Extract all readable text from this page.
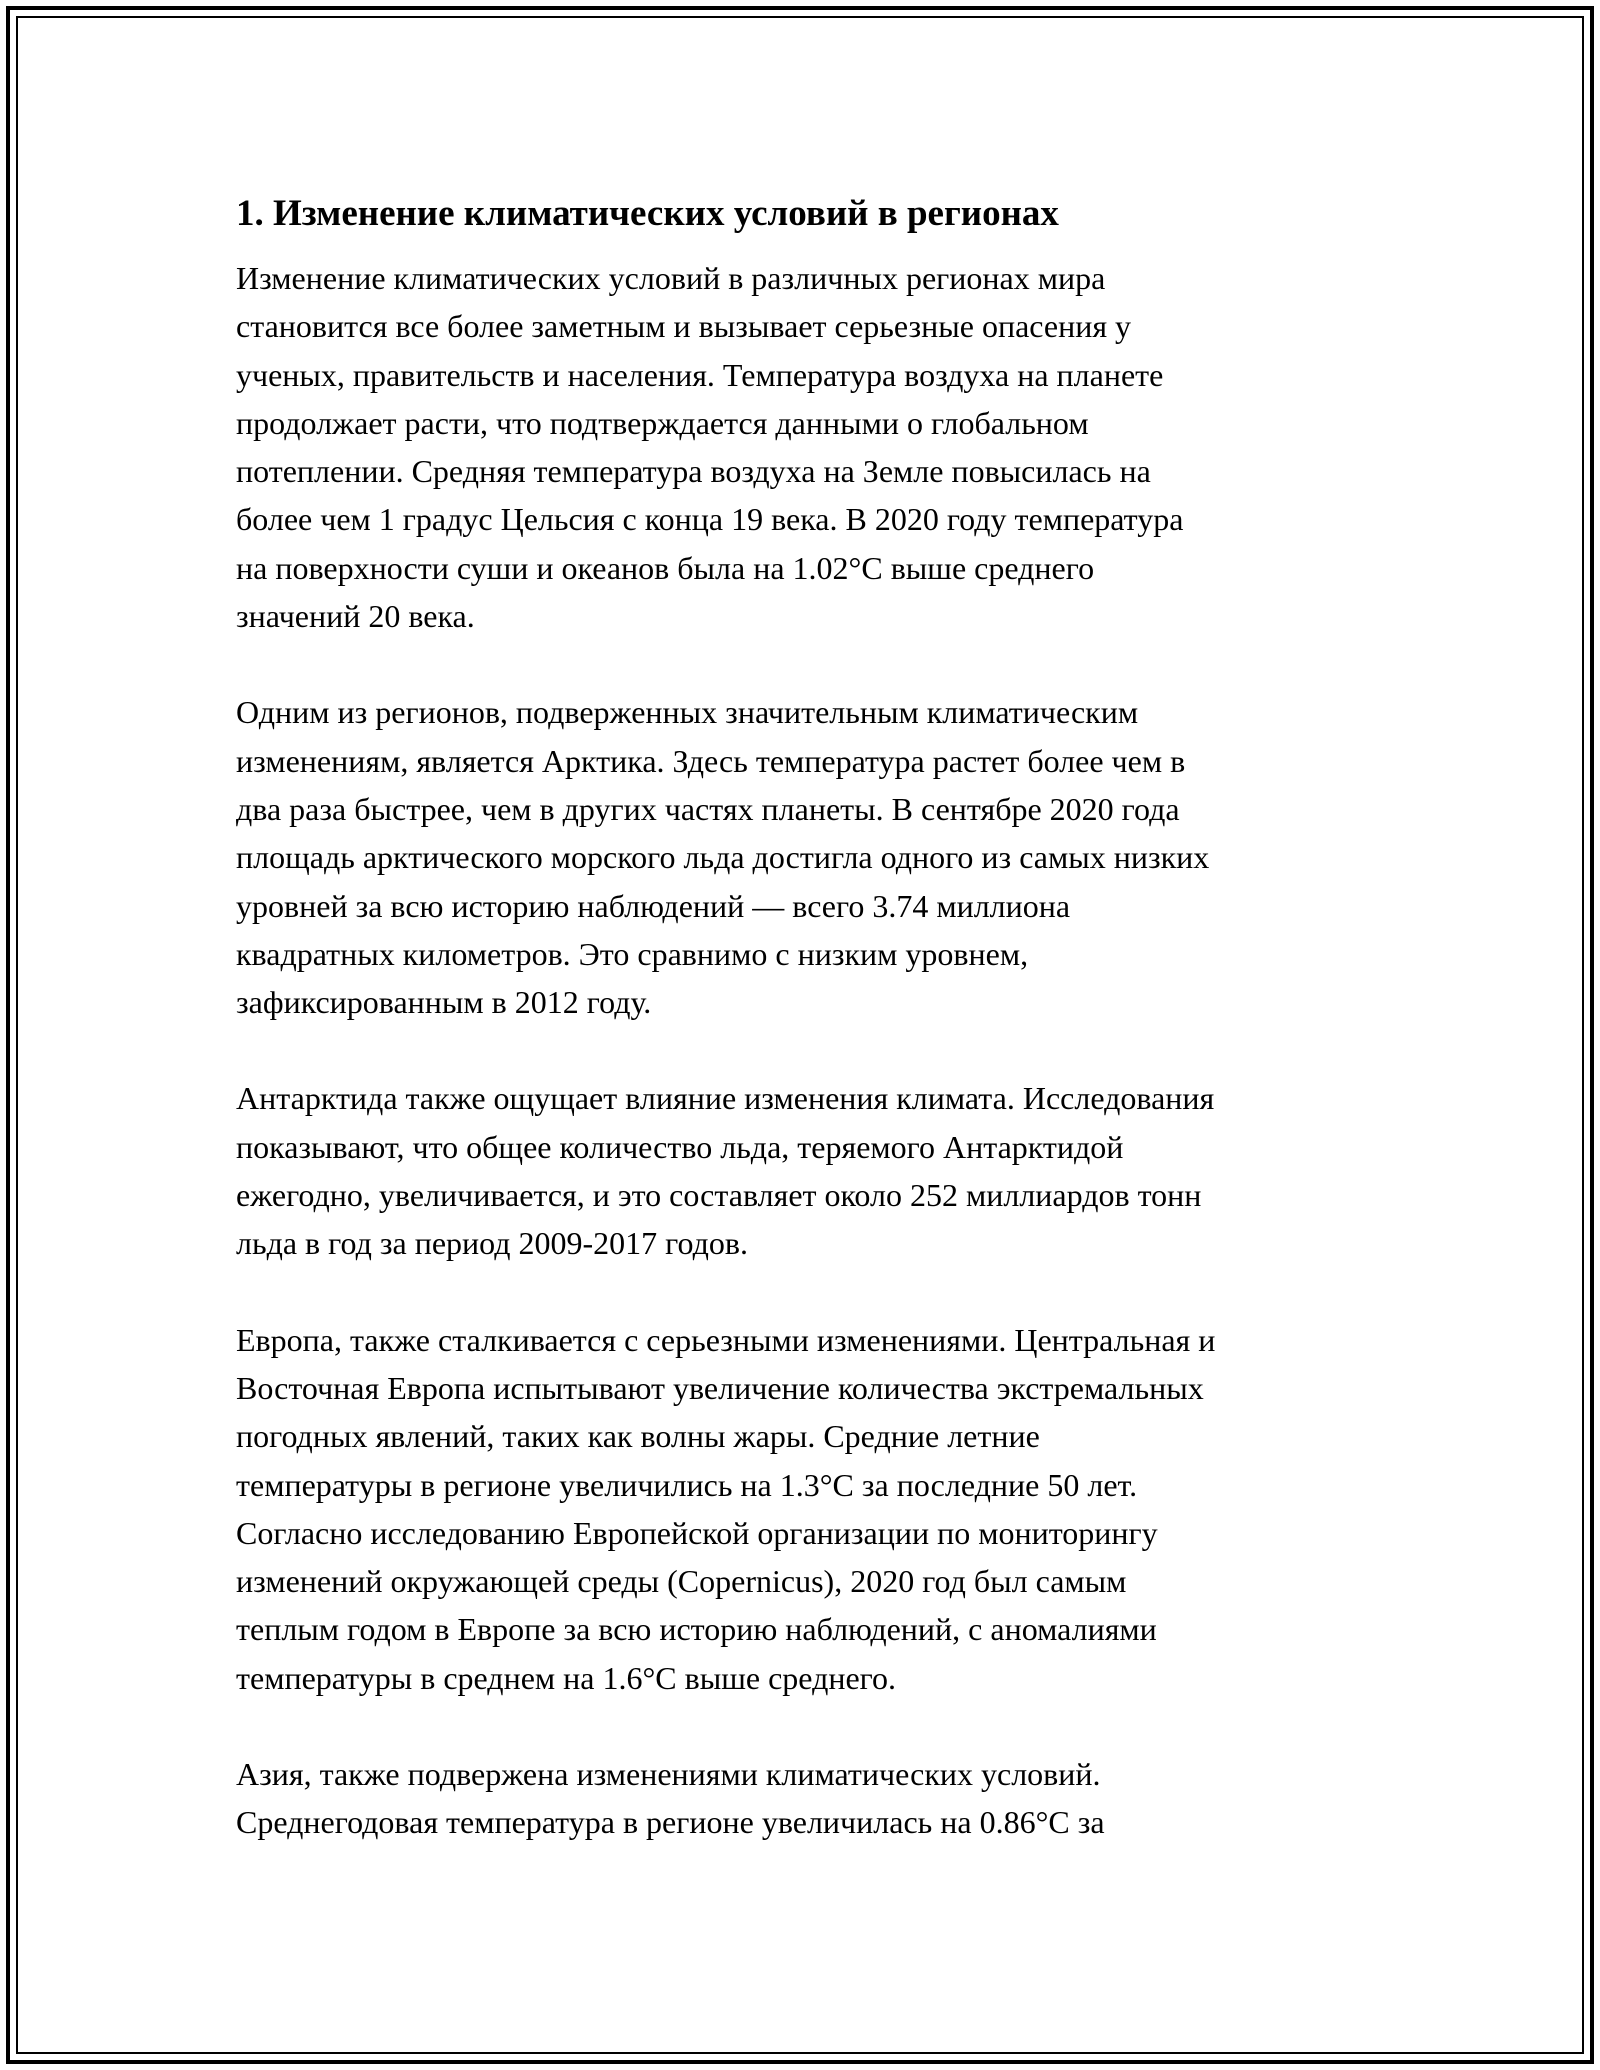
1. Изменение климатических условий в регионах

Изменение климатических условий в различных регионах мира
становится все более заметным и вызывает серьезные опасения у
ученых, правительств и населения. Температура воздуха на планете
продолжает расти, что подтверждается данными о глобальном
потеплении. Средняя температура воздуха на Земле повысилась на
более чем 1 градус Цельсия с конца 19 века. В 2020 году температура
на поверхности суши и океанов была на 1.02°C выше среднего
значений 20 века.

Одним из регионов, подверженных значительным климатическим
изменениям, является Арктика. Здесь температура растет более чем в
два раза быстрее, чем в других частях планеты. В сентябре 2020 года
площадь арктического морского льда достигла одного из самых низких
уровней за всю историю наблюдений — всего 3.74 миллиона
квадратных километров. Это сравнимо с низким уровнем,
зафиксированным в 2012 году.

Антарктида также ощущает влияние изменения климата. Исследования
показывают, что общее количество льда, теряемого Антарктидой
ежегодно, увеличивается, и это составляет около 252 миллиардов тонн
льда в год за период 2009-2017 годов.

Европа, также сталкивается с серьезными изменениями. Центральная и
Восточная Европа испытывают увеличение количества экстремальных
погодных явлений, таких как волны жары. Средние летние
температуры в регионе увеличились на 1.3°C за последние 50 лет.
Согласно исследованию Европейской организации по мониторингу
изменений окружающей среды (Copernicus), 2020 год был самым
теплым годом в Европе за всю историю наблюдений, с аномалиями
температуры в среднем на 1.6°C выше среднего.

Азия, также подвержена изменениями климатических условий.
Среднегодовая температура в регионе увеличилась на 0.86°C за
